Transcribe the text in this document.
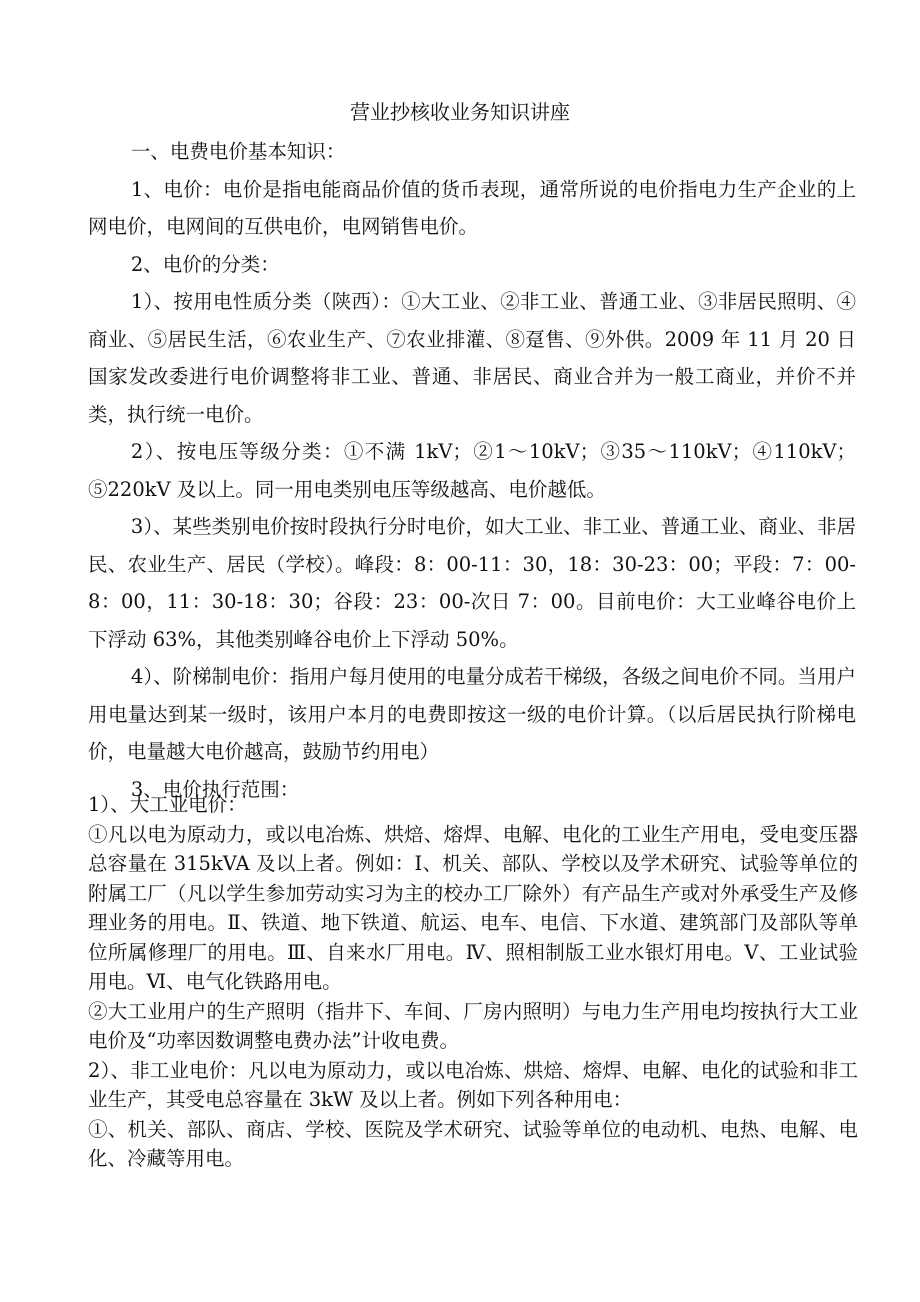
营业抄核收业务知识讲座

一、电费电价基本知识：

1、电价：电价是指电能商品价值的货币表现，通常所说的电价指电力生产企业的上网电价，电网间的互供电价，电网销售电价。

2、电价的分类：

1）、按用电性质分类（陕西）：①大工业、②非工业、普通工业、③非居民照明、④商业、⑤居民生活，⑥农业生产、⑦农业排灌、⑧趸售、⑨外供。2009 年 11 月 20 日国家发改委进行电价调整将非工业、普通、非居民、商业合并为一般工商业，并价不并类，执行统一电价。

2）、按电压等级分类：①不满 1kV；②1～10kV；③35～110kV；④110kV；⑤220kV 及以上。同一用电类别电压等级越高、电价越低。

3）、某些类别电价按时段执行分时电价，如大工业、非工业、普通工业、商业、非居民、农业生产、居民（学校）。峰段：8：00-11：30，18：30-23：00；平段：7：00-8：00，11：30-18：30；谷段：23：00-次日 7：00。目前电价：大工业峰谷电价上下浮动 63%，其他类别峰谷电价上下浮动 50%。

4）、阶梯制电价：指用户每月使用的电量分成若干梯级，各级之间电价不同。当用户用电量达到某一级时，该用户本月的电费即按这一级的电价计算。（以后居民执行阶梯电价，电量越大电价越高，鼓励节约用电）

3、电价执行范围：

1）、大工业电价：

①凡以电为原动力，或以电冶炼、烘焙、熔焊、电解、电化的工业生产用电，受电变压器总容量在 315kVA 及以上者。例如：Ⅰ、机关、部队、学校以及学术研究、试验等单位的附属工厂（凡以学生参加劳动实习为主的校办工厂除外）有产品生产或对外承受生产及修理业务的用电。Ⅱ、铁道、地下铁道、航运、电车、电信、下水道、建筑部门及部队等单位所属修理厂的用电。Ⅲ、自来水厂用电。Ⅳ、照相制版工业水银灯用电。Ⅴ、工业试验用电。Ⅵ、电气化铁路用电。

②大工业用户的生产照明（指井下、车间、厂房内照明）与电力生产用电均按执行大工业电价及“功率因数调整电费办法”计收电费。

2）、非工业电价：凡以电为原动力，或以电冶炼、烘焙、熔焊、电解、电化的试验和非工业生产，其受电总容量在 3kW 及以上者。例如下列各种用电：

①、机关、部队、商店、学校、医院及学术研究、试验等单位的电动机、电热、电解、电化、冷藏等用电。
